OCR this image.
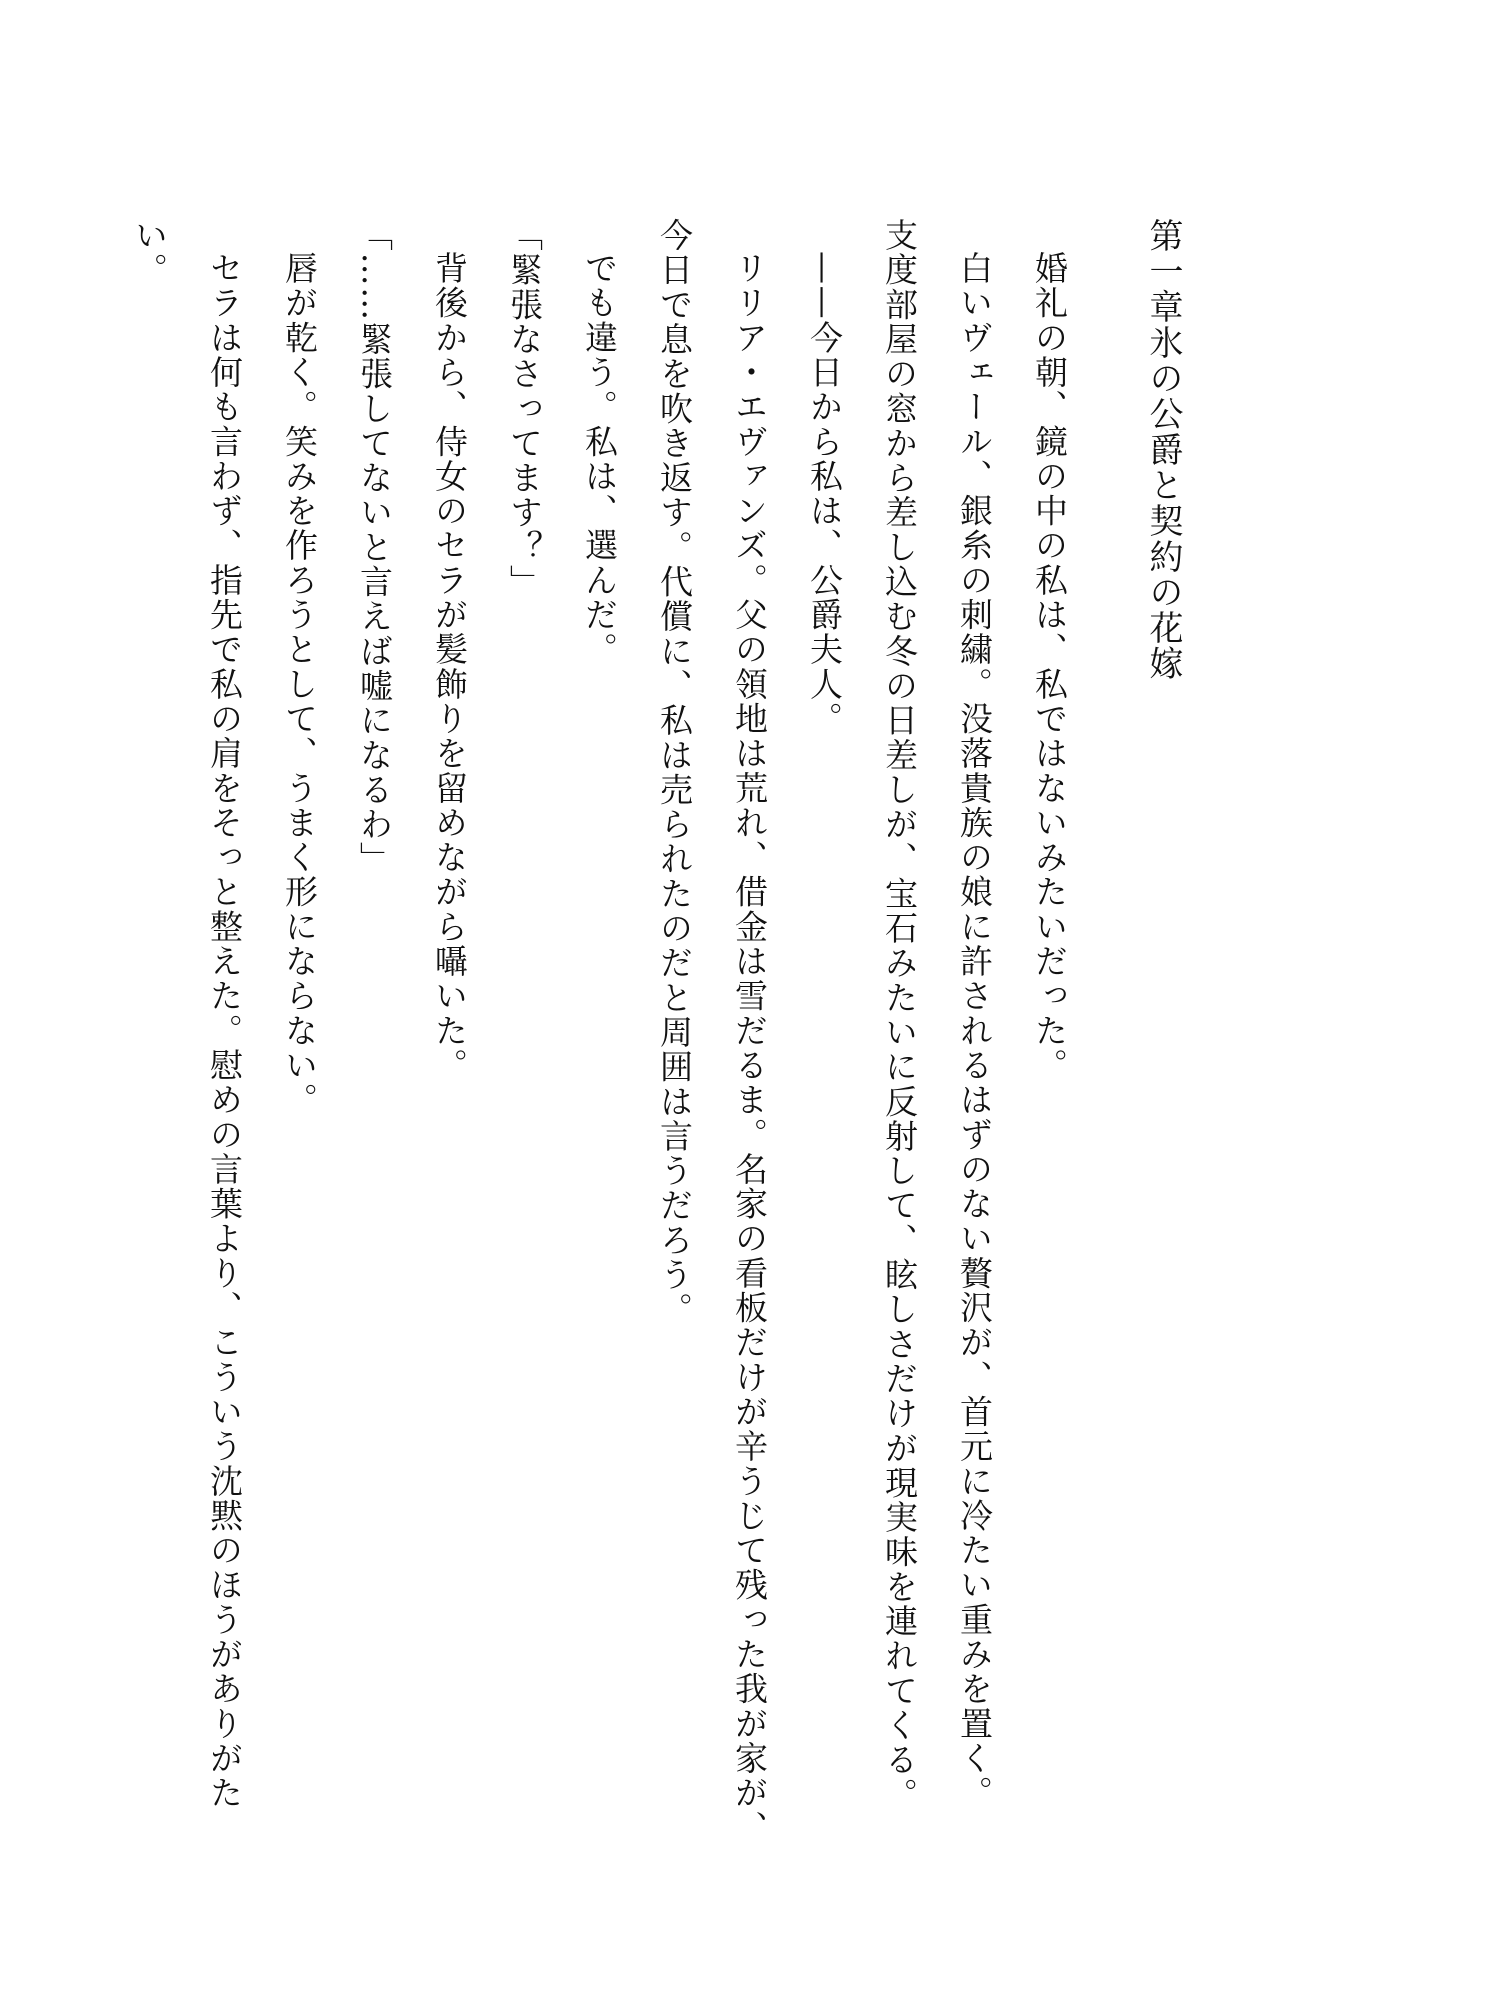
第一章氷の公爵と契約の花嫁

婚礼の朝、鏡の中の私は、私ではないみたいだった。

白いヴェール、銀糸の刺繍。没落貴族の娘に許されるはずのない贅沢が、首元に冷たい重みを置く。

支度部屋の窓から差し込む冬の日差しが、宝石みたいに反射して、眩しさだけが現実味を連れてくる。

——今日から私は、公爵夫人。

リリア・エヴァンズ。父の領地は荒れ、借金は雪だるま。名家の看板だけが辛うじて残った我が家が、今日で息を吹き返す。代償に、私は売られたのだと周囲は言うだろう。

でも違う。私は、選んだ。

「緊張なさってます？」

背後から、侍女のセラが髪飾りを留めながら囁いた。

「……緊張してないと言えば嘘になるわ」

唇が乾く。笑みを作ろうとして、うまく形にならない。

セラは何も言わず、指先で私の肩をそっと整えた。慰めの言葉より、こういう沈黙のほうがありがたい。
